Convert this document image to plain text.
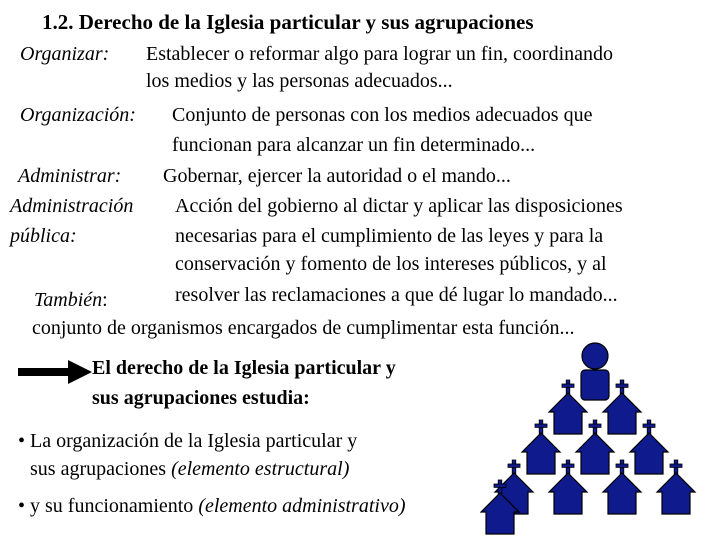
1.2. Derecho de la Iglesia particular y sus agrupaciones
Organizar: Establecer o reformar algo para lograr un fin, coordinando
los medios y las personas adecuados...
Organización: Conjunto de personas con los medios adecuados que
funcionan para alcanzar un fin determinado...
Administrar: Gobernar, ejercer la autoridad o el mando...
Administración
pública:
Acción del gobierno al dictar y aplicar las disposiciones
necesarias para el cumplimiento de las leyes y para la
conservación y fomento de los intereses públicos, y al
resolver las reclamaciones a que dé lugar lo mandado...
También:
conjunto de organismos encargados de cumplimentar esta función...
El derecho de la Iglesia particular y
sus agrupaciones estudia:
• La organización de la Iglesia particular y
sus agrupaciones (elemento estructural)
• y su funcionamiento (elemento administrativo)
